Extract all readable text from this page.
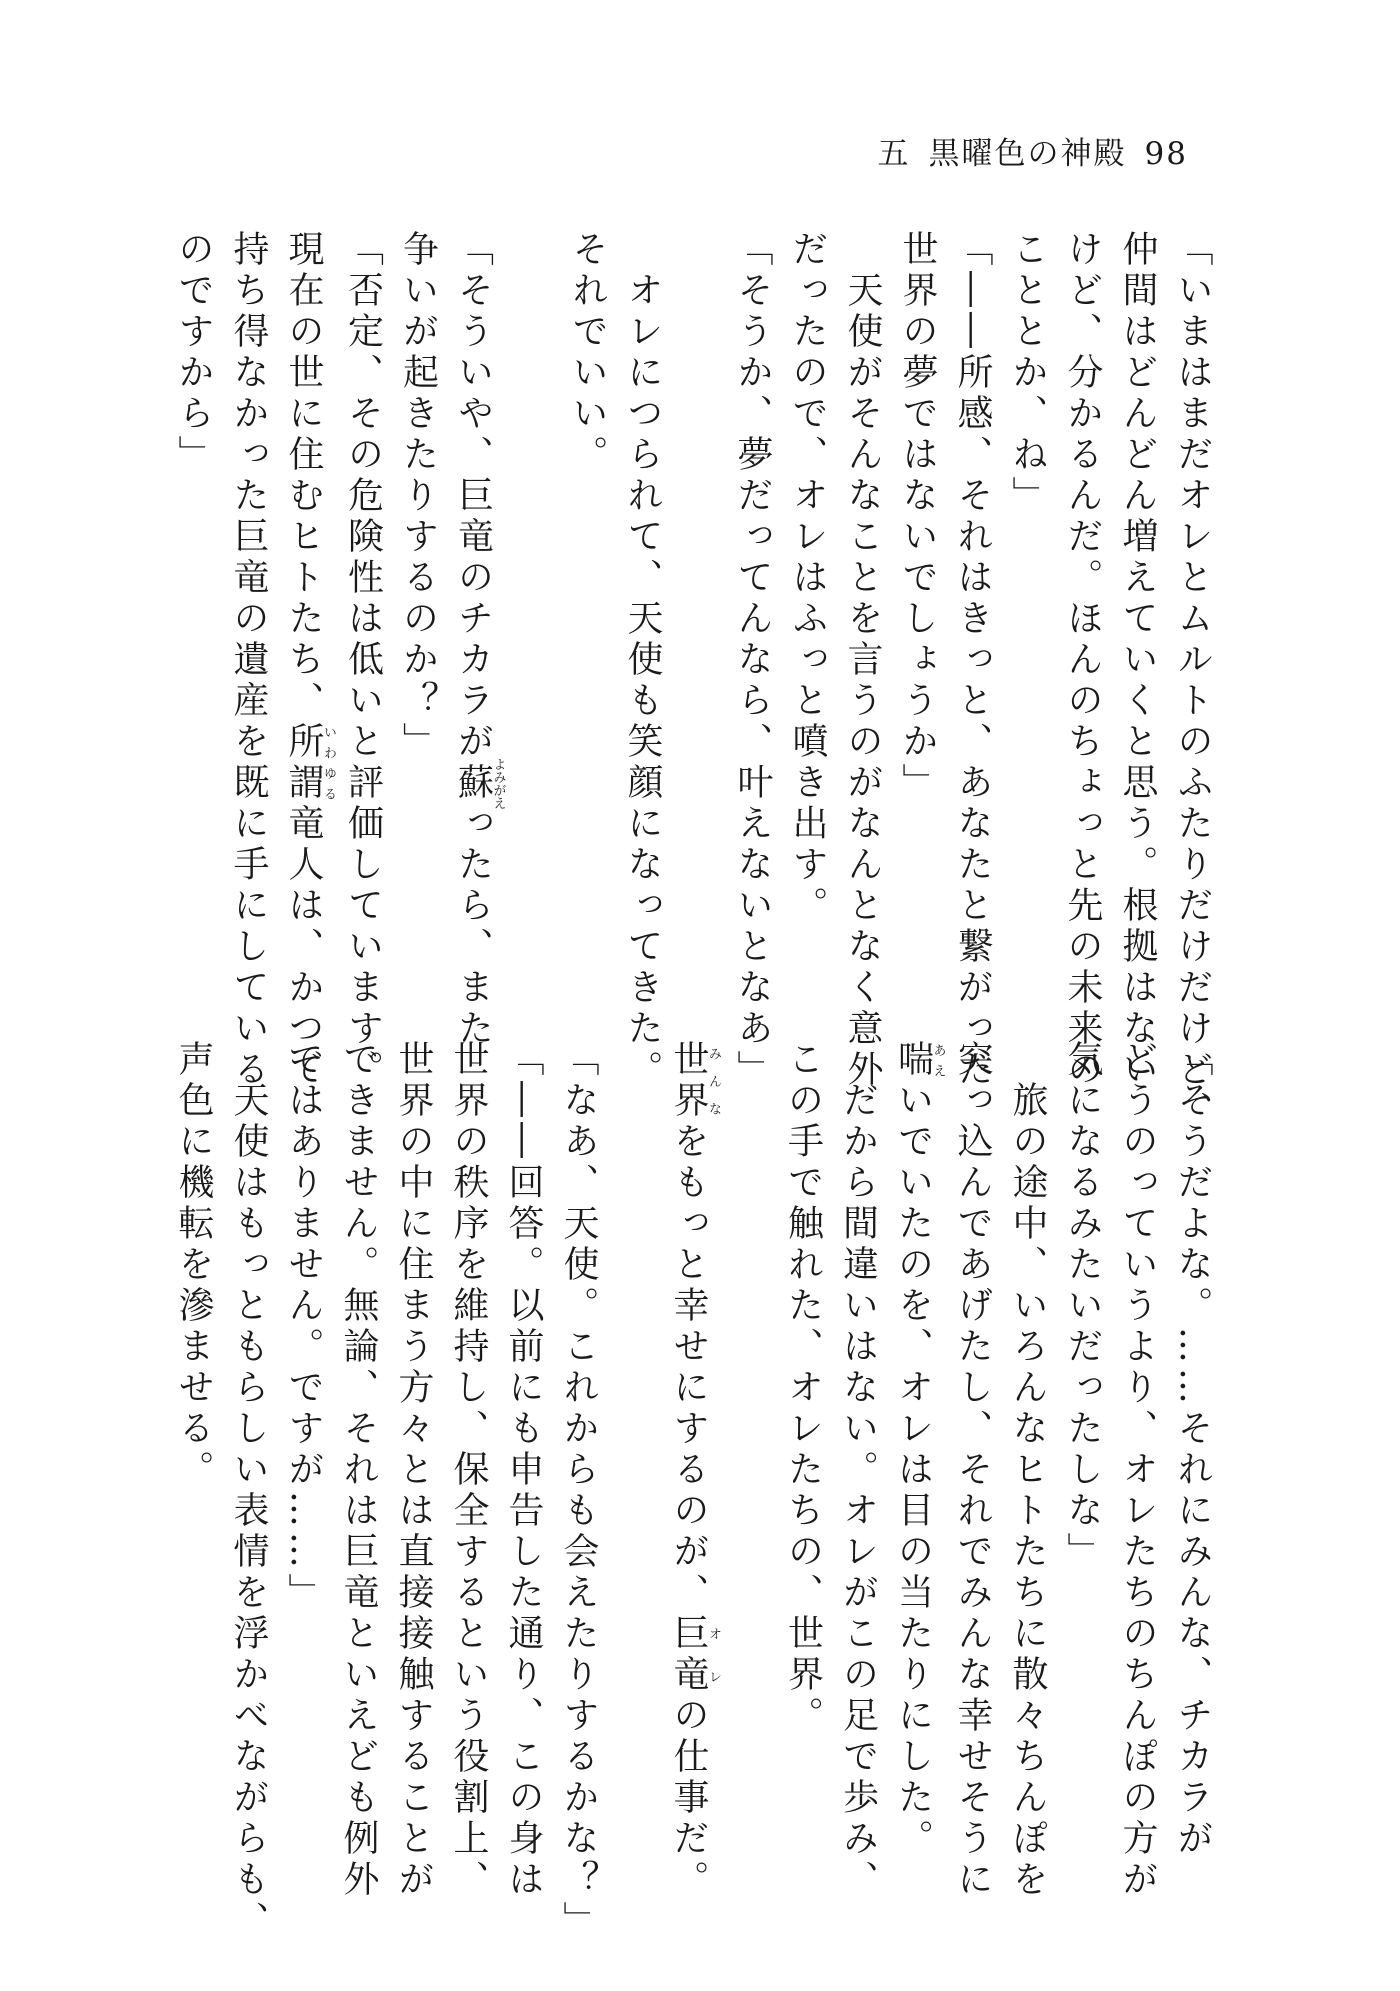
五 黒曜色の神殿 98
「いまはまだオレとムルトのふたりだけだけど、
仲間はどんどん増えていくと思う。根拠はない
けど、分かるんだ。ほんのちょっと先の未来の
こととか、ね」
「――所感、それはきっと、あなたと繋がった
世界の夢ではないでしょうか」
　天使がそんなことを言うのがなんとなく意外
だったので、オレはふっと噴き出す。
「そうか、夢だってんなら、叶えないとなあ」

　オレにつられて、天使も笑顔になってきた。
それでいい。

「そういや、巨竜のチカラが蘇よみがえったら、また
争いが起きたりするのか？」
「否定、その危険性は低いと評価しています。
現在の世に住むヒトたち、所謂いわゆる竜人は、かつて
持ち得なかった巨竜の遺産を既に手にしている
のですから」
「そうだよな。……それにみんな、チカラが
どうのっていうより、オレたちのちんぽの方が
気になるみたいだったしな」
　旅の途中、いろんなヒトたちに散々ちんぽを
突っ込んであげたし、それでみんな幸せそうに
喘あえいでいたのを、オレは目の当たりにした。
　だから間違いはない。オレがこの足で歩み、
この手で触れた、オレたちの、世界。

世界みんなをもっと幸せにするのが、巨竜オレの仕事だ。

「なあ、天使。これからも会えたりするかな？」
「――回答。以前にも申告した通り、この身は
世界の秩序を維持し、保全するという役割上、
世界の中に住まう方々とは直接接触することが
できません。無論、それは巨竜といえども例外
ではありません。ですが……」
　天使はもっともらしい表情を浮かべながらも、
声色に機転を滲ませる。
